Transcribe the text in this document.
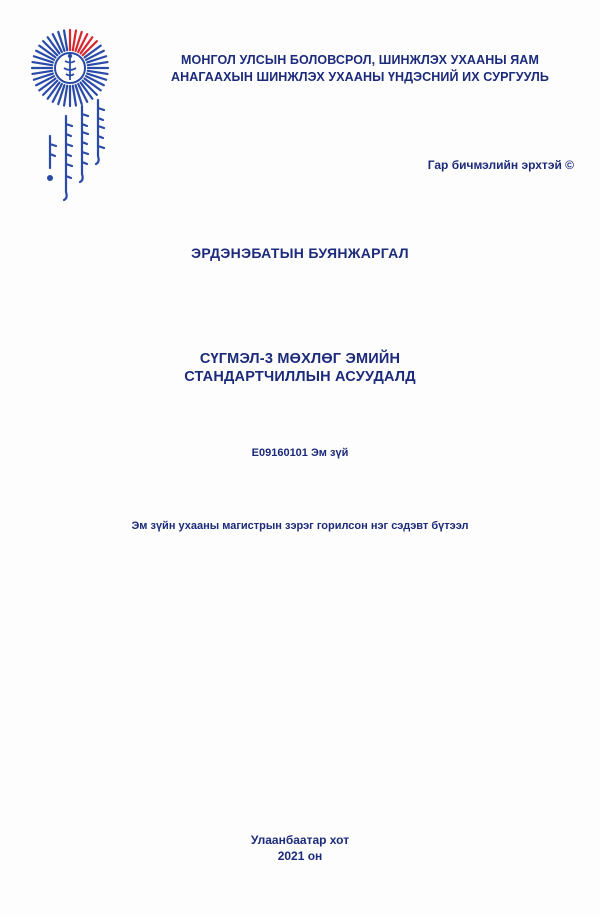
МОНГОЛ УЛСЫН БОЛОВСРОЛ, ШИНЖЛЭХ УХААНЫ ЯАМ
АНАГААХЫН ШИНЖЛЭХ УХААНЫ ҮНДЭСНИЙ ИХ СУРГУУЛЬ
Гар бичмэлийн эрхтэй ©
ЭРДЭНЭБАТЫН БУЯНЖАРГАЛ
СҮГМЭЛ-3 МӨХЛӨГ ЭМИЙН
СТАНДАРТЧИЛЛЫН АСУУДАЛД
E09160101 Эм зүй
Эм зүйн ухааны магистрын зэрэг горилсон нэг сэдэвт бүтээл
Улаанбаатар хот
2021 он
